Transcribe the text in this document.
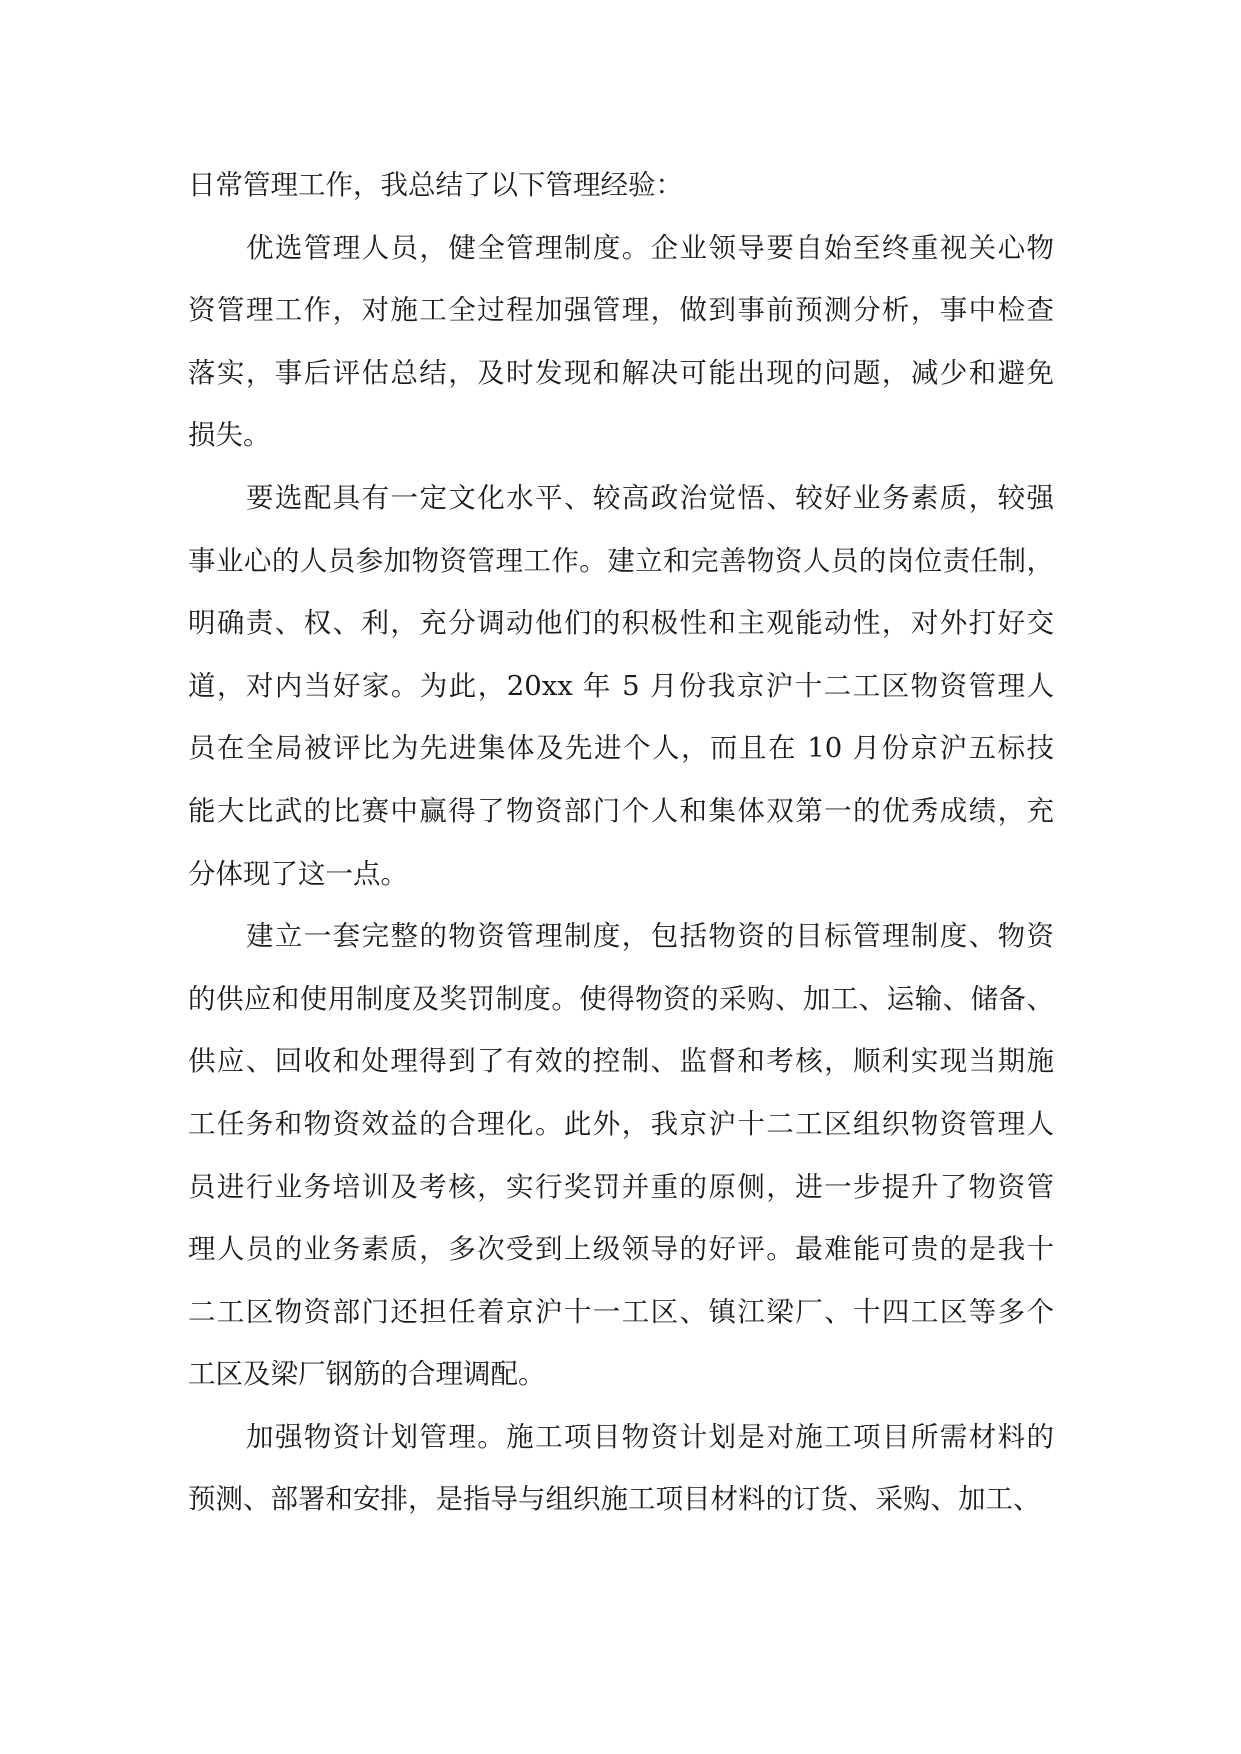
日常管理工作，我总结了以下管理经验：
优选管理人员，健全管理制度。企业领导要自始至终重视关心物
资管理工作，对施工全过程加强管理，做到事前预测分析，事中检查
落实，事后评估总结，及时发现和解决可能出现的问题，减少和避免
损失。
要选配具有一定文化水平、较高政治觉悟、较好业务素质，较强
事业心的人员参加物资管理工作。建立和完善物资人员的岗位责任制，
明确责、权、利，充分调动他们的积极性和主观能动性，对外打好交
道，对内当好家。为此，20xx 年 5 月份我京沪十二工区物资管理人
员在全局被评比为先进集体及先进个人，而且在 10 月份京沪五标技
能大比武的比赛中赢得了物资部门个人和集体双第一的优秀成绩，充
分体现了这一点。
建立一套完整的物资管理制度，包括物资的目标管理制度、物资
的供应和使用制度及奖罚制度。使得物资的采购、加工、运输、储备、
供应、回收和处理得到了有效的控制、监督和考核，顺利实现当期施
工任务和物资效益的合理化。此外，我京沪十二工区组织物资管理人
员进行业务培训及考核，实行奖罚并重的原侧，进一步提升了物资管
理人员的业务素质，多次受到上级领导的好评。最难能可贵的是我十
二工区物资部门还担任着京沪十一工区、镇江梁厂、十四工区等多个
工区及梁厂钢筋的合理调配。
加强物资计划管理。施工项目物资计划是对施工项目所需材料的
预测、部署和安排，是指导与组织施工项目材料的订货、采购、加工、
